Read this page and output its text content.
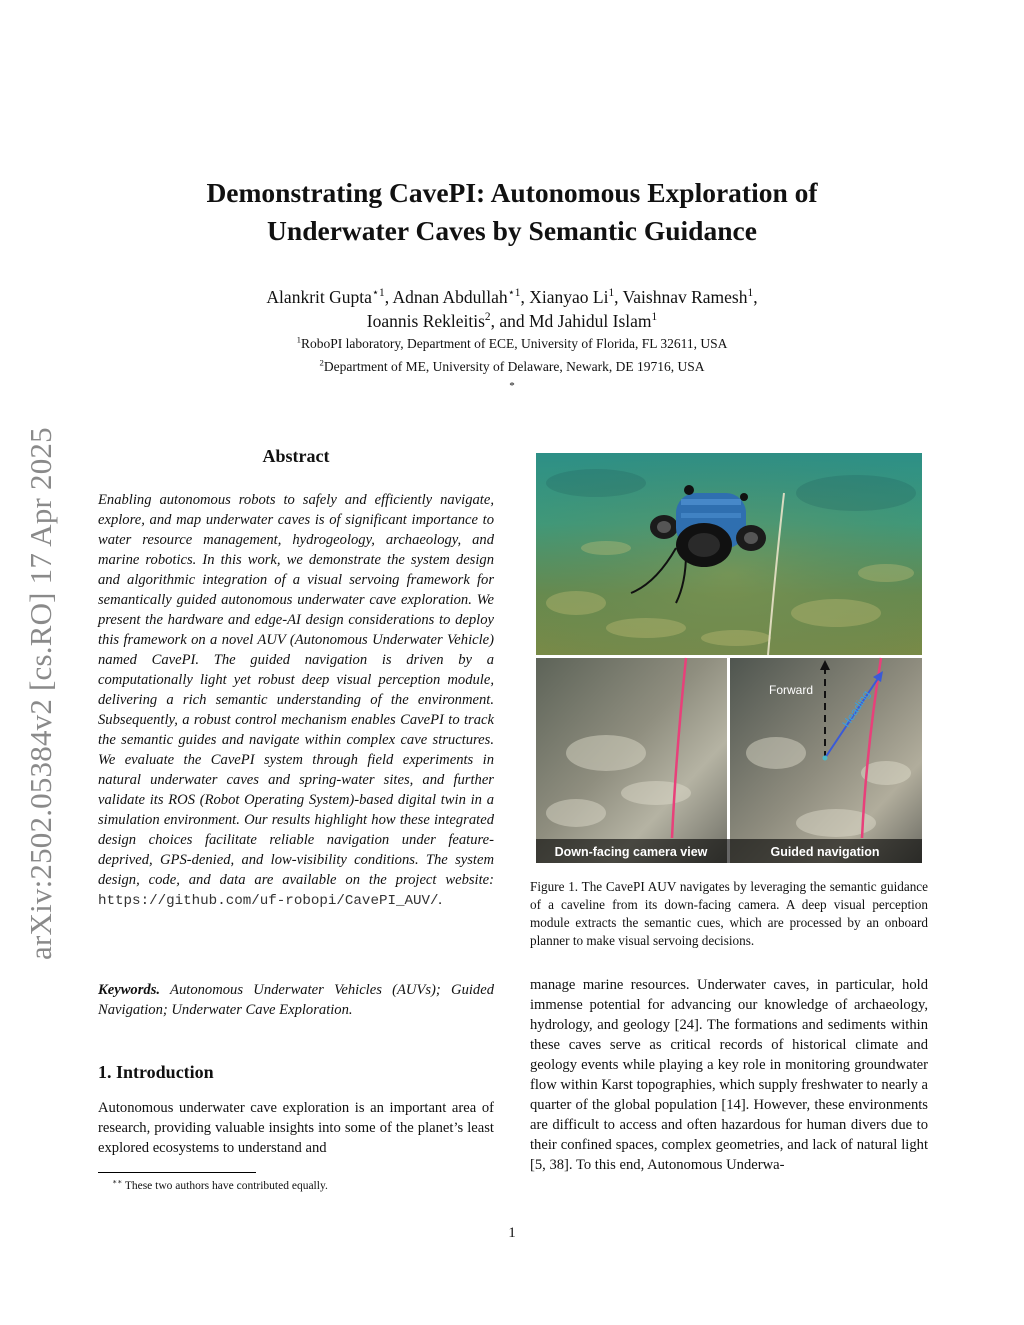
arXiv:2502.05384v2 [cs.RO] 17 Apr 2025
Demonstrating CavePI: Autonomous Exploration of
Underwater Caves by Semantic Guidance
Alankrit Gupta$^{⋆1}$, Adnan Abdullah$^{⋆1}$, Xianyao Li$^1$, Vaishnav Ramesh$^1$,
Ioannis Rekleitis$^2$, and Md Jahidul Islam$^1$
$^1$RoboPI laboratory, Department of ECE, University of Florida, FL 32611, USA
$^2$Department of ME, University of Delaware, Newark, DE 19716, USA
*
Abstract
Enabling autonomous robots to safely and efficiently navigate, explore, and map underwater caves is of significant importance to water resource management, hydrogeology, archaeology, and marine robotics. In this work, we demonstrate the system design and algorithmic integration of a visual servoing framework for semantically guided autonomous underwater cave exploration. We present the hardware and edge-AI design considerations to deploy this framework on a novel AUV (Autonomous Underwater Vehicle) named CavePI. The guided navigation is driven by a computationally light yet robust deep visual perception module, delivering a rich semantic understanding of the environment. Subsequently, a robust control mechanism enables CavePI to track the semantic guides and navigate within complex cave structures. We evaluate the CavePI system through field experiments in natural underwater caves and spring-water sites, and further validate its ROS (Robot Operating System)-based digital twin in a simulation environment. Our results highlight how these integrated design choices facilitate reliable navigation under feature-deprived, GPS-denied, and low-visibility conditions. The system design, code, and data are available on the project website: https://github.com/uf-robopi/CavePI_AUV/.
Keywords. Autonomous Underwater Vehicles (AUVs); Guided Navigation; Underwater Cave Exploration.
1. Introduction
Autonomous underwater cave exploration is an important area of research, providing valuable insights into some of the planet’s least explored ecosystems to understand and
∗∗ These two authors have contributed equally.
Forward Heading
Down-facing camera view	Guided navigation
Figure 1. The CavePI AUV navigates by leveraging the semantic guidance of a caveline from its down-facing camera. A deep visual perception module extracts the semantic cues, which are processed by an onboard planner to make visual servoing decisions.
manage marine resources. Underwater caves, in particular, hold immense potential for advancing our knowledge of archaeology, hydrology, and geology [24]. The formations and sediments within these caves serve as critical records of historical climate and geology events while playing a key role in monitoring groundwater flow within Karst topographies, which supply freshwater to nearly a quarter of the global population [14]. However, these environments are difficult to access and often hazardous for human divers due to their confined spaces, complex geometries, and lack of natural light [5, 38]. To this end, Autonomous Underwa-
1
